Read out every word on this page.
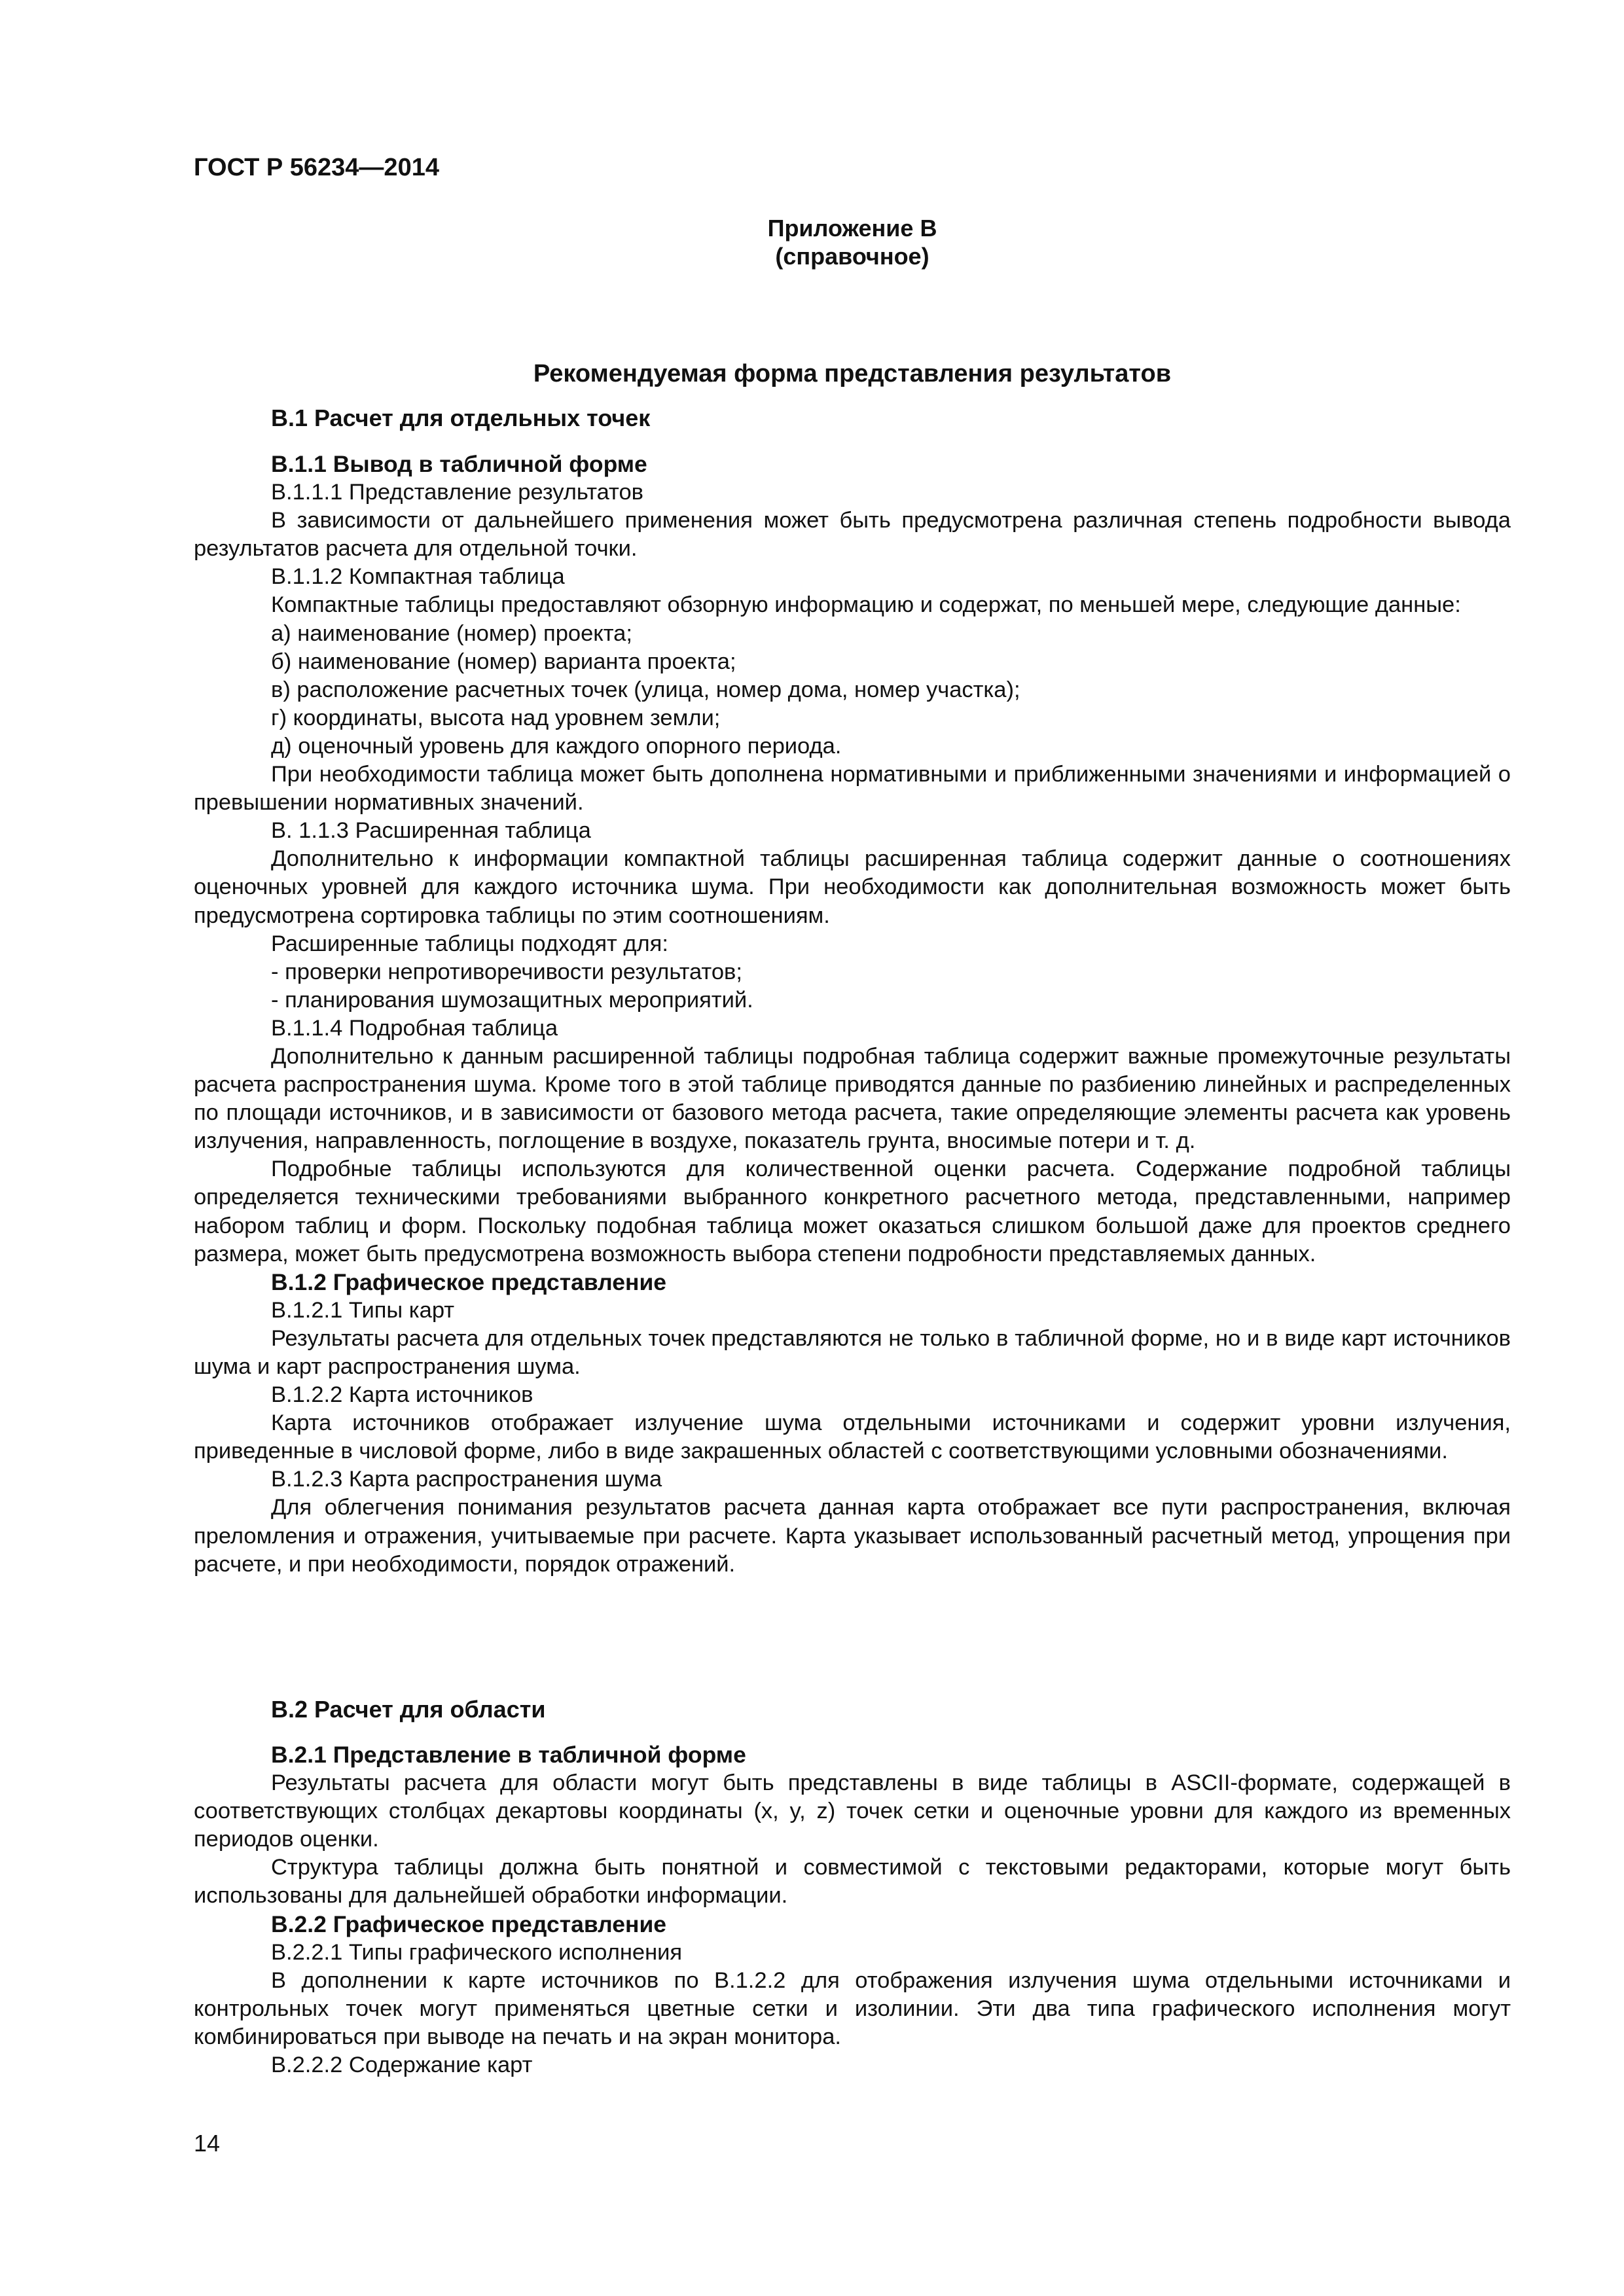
ГОСТ Р 56234—2014
Приложение В
(справочное)
Рекомендуемая форма представления результатов
В.1 Расчет для отдельных точек
В.1.1 Вывод в табличной форме
В.1.1.1 Представление результатов
В зависимости от дальнейшего применения может быть предусмотрена различная степень подробности вывода результатов расчета для отдельной точки.
В.1.1.2 Компактная таблица
Компактные таблицы предоставляют обзорную информацию и содержат, по меньшей мере, следующие данные:
а) наименование (номер) проекта;
б) наименование (номер) варианта проекта;
в) расположение расчетных точек (улица, номер дома, номер участка);
г) координаты, высота над уровнем земли;
д) оценочный уровень для каждого опорного периода.
При необходимости таблица может быть дополнена нормативными и приближенными значениями и информацией о превышении нормативных значений.
В. 1.1.3 Расширенная таблица
Дополнительно к информации компактной таблицы расширенная таблица содержит данные о соотношениях оценочных уровней для каждого источника шума. При необходимости как дополнительная возможность может быть предусмотрена сортировка таблицы по этим соотношениям.
Расширенные таблицы подходят для:
- проверки непротиворечивости результатов;
- планирования шумозащитных мероприятий.
В.1.1.4 Подробная таблица
Дополнительно к данным расширенной таблицы подробная таблица содержит важные промежуточные результаты расчета распространения шума. Кроме того в этой таблице приводятся данные по разбиению линейных и распределенных по площади источников, и в зависимости от базового метода расчета, такие определяющие элементы расчета как уровень излучения, направленность, поглощение в воздухе, показатель грунта, вносимые потери и т. д.
Подробные таблицы используются для количественной оценки расчета. Содержание подробной таблицы определяется техническими требованиями выбранного конкретного расчетного метода, представленными, например набором таблиц и форм. Поскольку подобная таблица может оказаться слишком большой даже для проектов среднего размера, может быть предусмотрена возможность выбора степени подробности представляемых данных.
В.1.2 Графическое представление
В.1.2.1 Типы карт
Результаты расчета для отдельных точек представляются не только в табличной форме, но и в виде карт источников шума и карт распространения шума.
В.1.2.2 Карта источников
Карта источников отображает излучение шума отдельными источниками и содержит уровни излучения, приведенные в числовой форме, либо в виде закрашенных областей с соответствующими условными обозначениями.
В.1.2.3 Карта распространения шума
Для облегчения понимания результатов расчета данная карта отображает все пути распространения, включая преломления и отражения, учитываемые при расчете. Карта указывает использованный расчетный метод, упрощения при расчете, и при необходимости, порядок отражений.
В.2 Расчет для области
В.2.1 Представление в табличной форме
Результаты расчета для области могут быть представлены в виде таблицы в ASCII-формате, содержащей в соответствующих столбцах декартовы координаты (x, y, z) точек сетки и оценочные уровни для каждого из временных периодов оценки.
Структура таблицы должна быть понятной и совместимой с текстовыми редакторами, которые могут быть использованы для дальнейшей обработки информации.
В.2.2 Графическое представление
В.2.2.1 Типы графического исполнения
В дополнении к карте источников по В.1.2.2 для отображения излучения шума отдельными источниками и контрольных точек могут применяться цветные сетки и изолинии. Эти два типа графического исполнения могут комбинироваться при выводе на печать и на экран монитора.
В.2.2.2 Содержание карт
14
